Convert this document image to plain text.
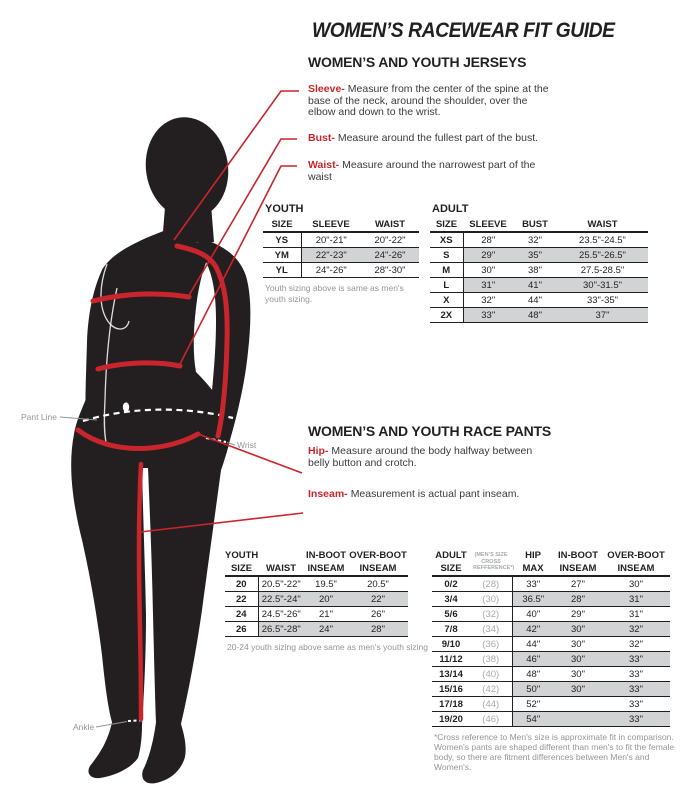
WOMEN’S RACEWEAR FIT GUIDE
WOMEN’S AND YOUTH JERSEYS
WOMEN’S AND YOUTH RACE PANTS
Sleeve- Measure from the center of the spine at the base of the neck, around the shoulder, over the elbow and down to the wrist.
Bust- Measure around the fullest part of the bust.
Waist- Measure around the narrowest part of the waist
Hip- Measure around the body halfway between belly button and crotch.
Inseam- Measurement is actual pant inseam.
Pant Line
Wrist
Ankle
YOUTH
SIZE	SLEEVE	WAIST
YS	20"-21"	20"-22"
YM	22"-23"	24"-26"
YL	24"-26"	28"-30"
Youth sizing above is same as men's youth sizing.
ADULT
SIZE	SLEEVE	BUST	WAIST
XS	28"	32"	23.5"-24.5"
S	29"	35"	25.5"-26.5"
M	30"	38"	27.5-28.5"
L	31"	41"	30"-31.5"
X	32"	44"	33"-35"
2X	33"	48"	37"
YOUTH		IN-BOOT	OVER-BOOT
SIZE	WAIST	INSEAM	INSEAM
20	20.5"-22"	19.5"	20.5"
22	22.5"-24"	20"	22"
24	24.5"-26"	21"	26"
26	26.5"-28"	24"	28"
20-24 youth sizing above same as men's youth sizing
ADULT	(MEN’S SIZE CROSS REFFERENCE*)	HIP	IN-BOOT	OVER-BOOT
SIZE		MAX	INSEAM	INSEAM
0/2	(28)	33"	27"	30"
3/4	(30)	36.5"	28"	31"
5/6	(32)	40"	29"	31"
7/8	(34)	42"	30"	32"
9/10	(36)	44"	30"	32"
11/12	(38)	46"	30"	33"
13/14	(40)	48"	30"	33"
15/16	(42)	50"	30"	33"
17/18	(44)	52"		33"
19/20	(46)	54"		33"
*Cross reference to Men's size is approximate fit in comparison. Women's pants are shaped different than men's to fit the female body, so there are fitment differences between Men's and Women's.
